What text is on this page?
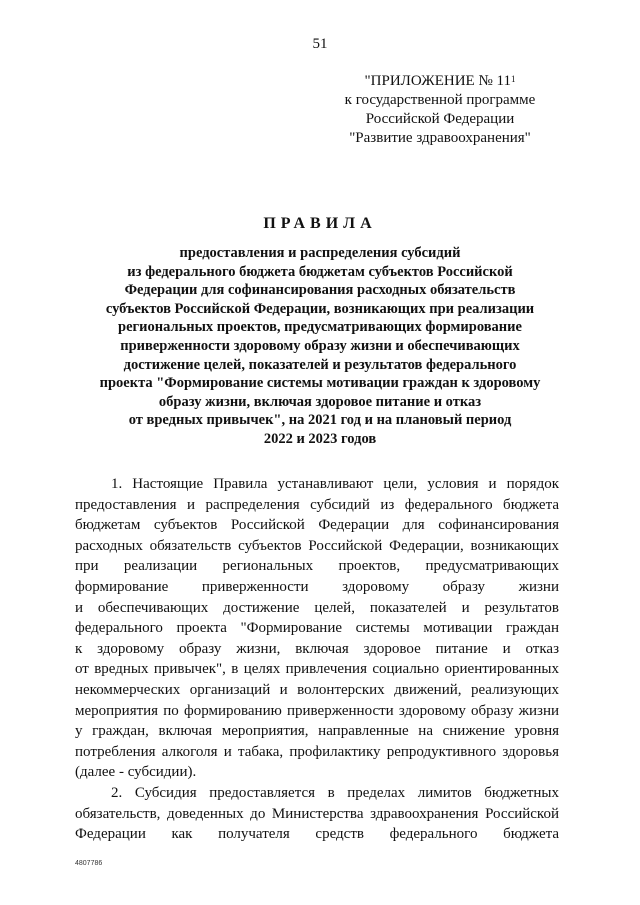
51
"ПРИЛОЖЕНИЕ № $11^1$
к государственной программе
Российской Федерации
"Развитие здравоохранения"
ПРАВИЛА
предоставления и распределения субсидий
из федерального бюджета бюджетам субъектов Российской
Федерации для софинансирования расходных обязательств
субъектов Российской Федерации, возникающих при реализации
региональных проектов, предусматривающих формирование
приверженности здоровому образу жизни и обеспечивающих
достижение целей, показателей и результатов федерального
проекта "Формирование системы мотивации граждан к здоровому
образу жизни, включая здоровое питание и отказ
от вредных привычек", на 2021 год и на плановый период
2022 и 2023 годов
1. Настоящие Правила устанавливают цели, условия и порядок
предоставления и распределения субсидий из федерального бюджета
бюджетам субъектов Российской Федерации для софинансирования
расходных обязательств субъектов Российской Федерации, возникающих
при реализации региональных проектов, предусматривающих
формирование приверженности здоровому образу жизни
и обеспечивающих достижение целей, показателей и результатов
федерального проекта "Формирование системы мотивации граждан
к здоровому образу жизни, включая здоровое питание и отказ
от вредных привычек", в целях привлечения социально ориентированных
некоммерческих организаций и волонтерских движений, реализующих
мероприятия по формированию приверженности здоровому образу жизни
у граждан, включая мероприятия, направленные на снижение уровня
потребления алкоголя и табака, профилактику репродуктивного здоровья
(далее - субсидии).
2. Субсидия предоставляется в пределах лимитов бюджетных
обязательств, доведенных до Министерства здравоохранения Российской
Федерации как получателя средств федерального бюджета
4807786
